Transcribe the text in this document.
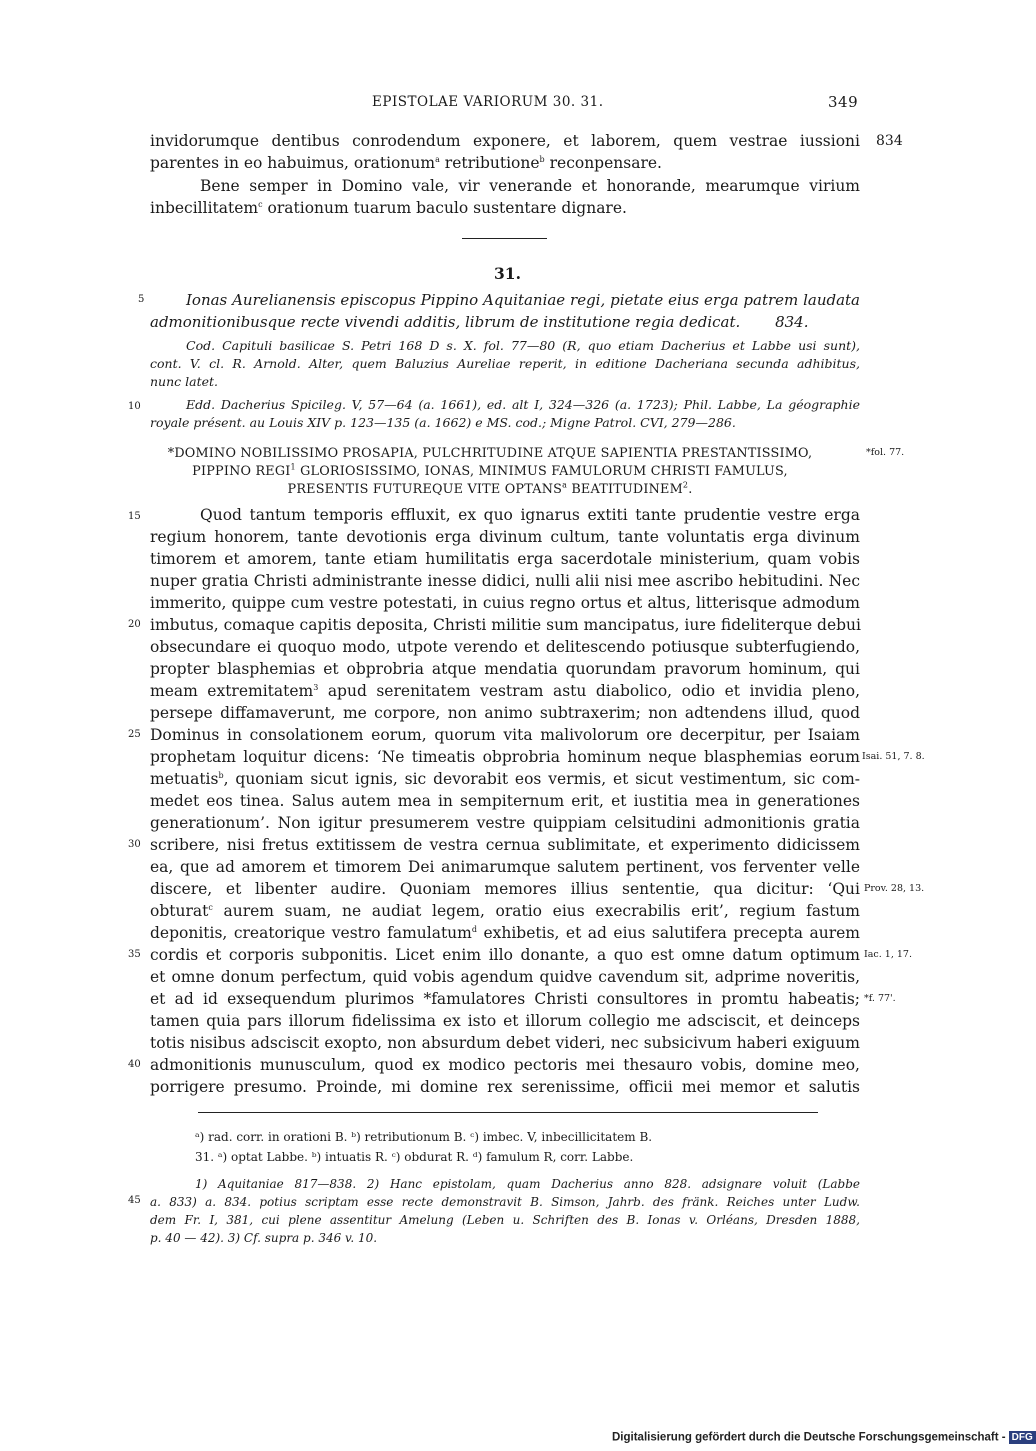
EPISTOLAE VARIORUM 30. 31.	349
invidorumque dentibus conrodendum exponere, et laborem, quem vestrae iussioni 834
parentes in eo habuimus, orationum$^a$ retributione$^b$ reconpensare.
Bene semper in Domino vale, vir venerande et honorande, mearumque virium
inbecillitatem$^c$ orationum tuarum baculo sustentare dignare.
31.
5	Ionas Aurelianensis episcopus Pippino Aquitaniae regi, pietate eius erga patrem laudata
admonitionibusque recte vivendi additis, librum de institutione regia dedicat. 834.
Cod. Capituli basilicae S. Petri 168 D s. X. fol. 77—80 (R, quo etiam Dacherius et Labbe usi sunt),
cont. V. cl. R. Arnold. Alter, quem Baluzius Aureliae reperit, in editione Dacheriana secunda adhibitus,
nunc latet.
10	Edd. Dacherius Spicileg. V, 57—64 (a. 1661), ed. alt I, 324—326 (a. 1723); Phil. Labbe, La géographie
royale présent. au Louis XIV p. 123—135 (a. 1662) e MS. cod.; Migne Patrol. CVI, 279—286.
*DOMINO NOBILISSIMO PROSAPIA, PULCHRITUDINE ATQUE SAPIENTIA PRESTANTISSIMO,	*fol. 77.
PIPPINO REGI$^1$ GLORIOSISSIMO, IONAS, MINIMUS FAMULORUM CHRISTI FAMULUS,
PRESENTIS FUTUREQUE VITE OPTANS$^a$ BEATITUDINEM$^2$.
15	Quod tantum temporis effluxit, ex quo ignarus extiti tante prudentie vestre erga
regium honorem, tante devotionis erga divinum cultum, tante voluntatis erga divinum
timorem et amorem, tante etiam humilitatis erga sacerdotale ministerium, quam vobis
nuper gratia Christi administrante inesse didici, nulli alii nisi mee ascribo hebitudini. Nec
immerito, quippe cum vestre potestati, in cuius regno ortus et altus, litterisque admodum
20 imbutus, comaque capitis deposita, Christi militie sum mancipatus, iure fideliterque debui
obsecundare ei quoquo modo, utpote verendo et delitescendo potiusque subterfugiendo,
propter blasphemias et obprobria atque mendatia quorundam pravorum hominum, qui
meam extremitatem$^3$ apud serenitatem vestram astu diabolico, odio et invidia pleno,
persepe diffamaverunt, me corpore, non animo subtraxerim; non adtendens illud, quod
25 Dominus in consolationem eorum, quorum vita malivolorum ore decerpitur, per Isaiam
prophetam loquitur dicens: ‘Ne timeatis obprobria hominum neque blasphemias eorum Isai. 51, 7. 8.
metuatis$^b$, quoniam sicut ignis, sic devorabit eos vermis, et sicut vestimentum, sic com-
medet eos tinea. Salus autem mea in sempiternum erit, et iustitia mea in generationes
generationum’. Non igitur presumerem vestre quippiam celsitudini admonitionis gratia
30 scribere, nisi fretus extitissem de vestra cernua sublimitate, et experimento didicissem
ea, que ad amorem et timorem Dei animarumque salutem pertinent, vos ferventer velle
discere, et libenter audire. Quoniam memores illius sententie, qua dicitur: ‘Qui Prov. 28, 13.
obturat$^c$ aurem suam, ne audiat legem, oratio eius execrabilis erit’, regium fastum
deponitis, creatorique vestro famulatum$^d$ exhibetis, et ad eius salutifera precepta aurem
35 cordis et corporis subponitis. Licet enim illo donante, a quo est omne datum optimum Iac. 1, 17.
et omne donum perfectum, quid vobis agendum quidve cavendum sit, adprime noveritis,
et ad id exsequendum plurimos *famulatores Christi consultores in promtu habeatis; *f. 77'.
tamen quia pars illorum fidelissima ex isto et illorum collegio me adsciscit, et deinceps
totis nisibus adsciscit exopto, non absurdum debet videri, nec subsicivum haberi exiguum
40 admonitionis munusculum, quod ex modico pectoris mei thesauro vobis, domine meo,
porrigere presumo. Proinde, mi domine rex serenissime, officii mei memor et salutis
ᵃ) rad. corr. in orationi B. ᵇ) retributionum B. ᶜ) imbec. V, inbecillicitatem B.
31. ᵃ) optat Labbe. ᵇ) intuatis R. ᶜ) obdurat R. ᵈ) famulum R, corr. Labbe.
1) Aquitaniae 817—838. 2) Hanc epistolam, quam Dacherius anno 828. adsignare voluit (Labbe
45 a. 833) a. 834. potius scriptam esse recte demonstravit B. Simson, Jahrb. des fränk. Reiches unter Ludw.
dem Fr. I, 381, cui plene assentitur Amelung (Leben u. Schriften des B. Ionas v. Orléans, Dresden 1888,
p. 40 — 42). 3) Cf. supra p. 346 v. 10.
Digitalisierung gefördert durch die Deutsche Forschungsgemeinschaft - DFG
